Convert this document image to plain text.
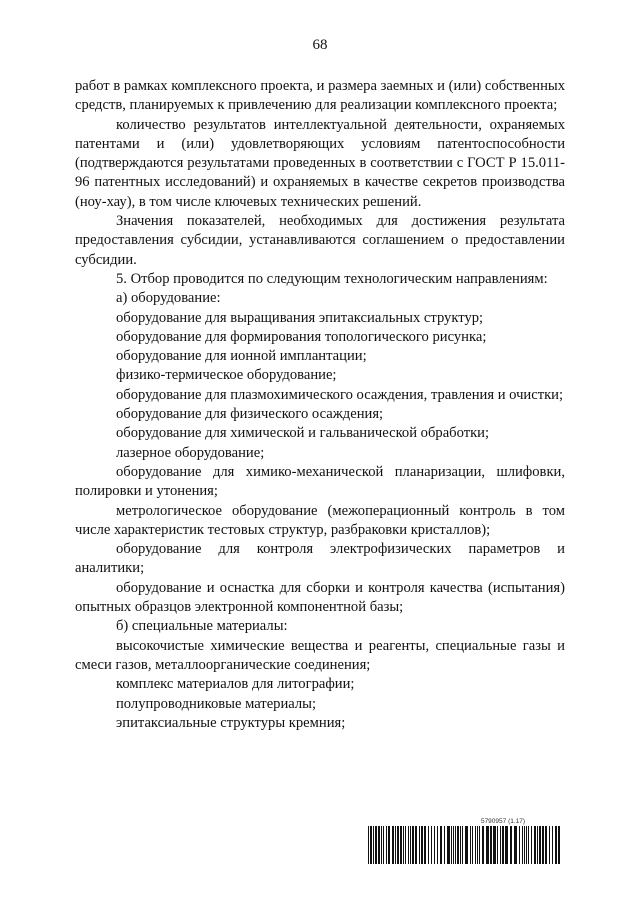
68

работ в рамках комплексного проекта, и размера заемных и (или) собственных средств, планируемых к привлечению для реализации комплексного проекта;

количество результатов интеллектуальной деятельности, охраняемых патентами и (или) удовлетворяющих условиям патентоспособности (подтверждаются результатами проведенных в соответствии с ГОСТ Р 15.011-96 патентных исследований) и охраняемых в качестве секретов производства (ноу-хау), в том числе ключевых технических решений.

Значения показателей, необходимых для достижения результата предоставления субсидии, устанавливаются соглашением о предоставлении субсидии.

5. Отбор проводится по следующим технологическим направлениям:

а) оборудование:

оборудование для выращивания эпитаксиальных структур;

оборудование для формирования топологического рисунка;

оборудование для ионной имплантации;

физико-термическое оборудование;

оборудование для плазмохимического осаждения, травления и очистки;

оборудование для физического осаждения;

оборудование для химической и гальванической обработки;

лазерное оборудование;

оборудование для химико-механической планаризации, шлифовки, полировки и утонения;

метрологическое оборудование (межоперационный контроль в том числе характеристик тестовых структур, разбраковки кристаллов);

оборудование для контроля электрофизических параметров и аналитики;

оборудование и оснастка для сборки и контроля качества (испытания) опытных образцов электронной компонентной базы;

б) специальные материалы:

высокочистые химические вещества и реагенты, специальные газы и смеси газов, металлоорганические соединения;

комплекс материалов для литографии;

полупроводниковые материалы;

эпитаксиальные структуры кремния;

5790957 (1.17)
